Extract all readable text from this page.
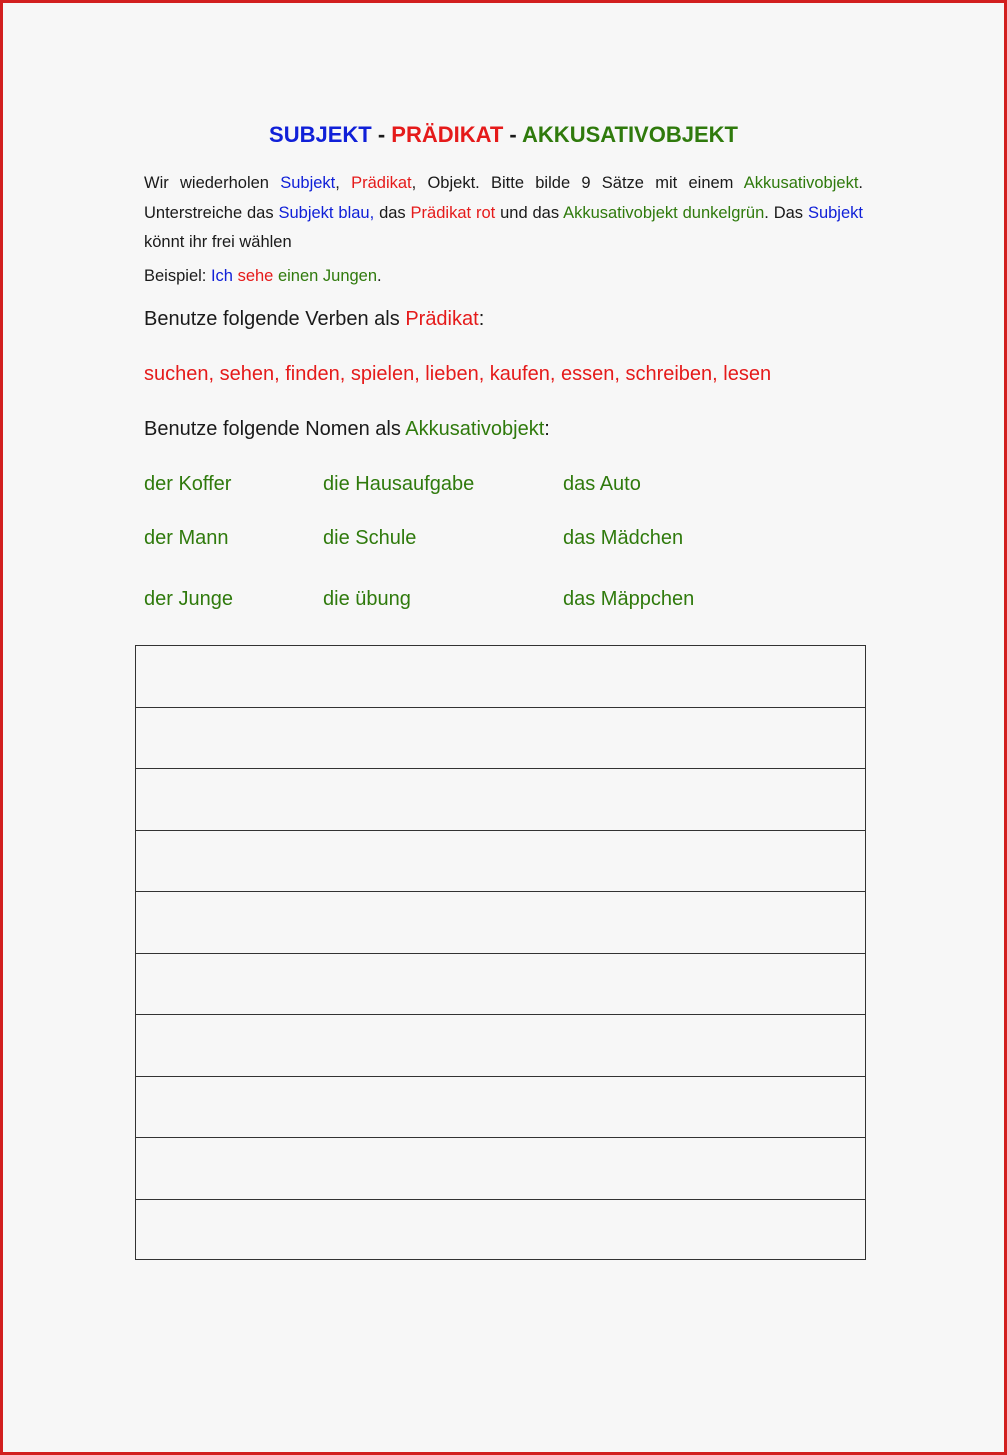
SUBJEKT - PRÄDIKAT - AKKUSATIVOBJEKT

Wir wiederholen Subjekt, Prädikat, Objekt. Bitte bilde 9 Sätze mit einem Akkusativobjekt. Unterstreiche das Subjekt blau, das Prädikat rot und das Akkusativobjekt dunkelgrün. Das Subjekt könnt ihr frei wählen

Beispiel: Ich sehe einen Jungen.
Benutze folgende Verben als Prädikat:
suchen, sehen, finden, spielen, lieben, kaufen, essen, schreiben, lesen
Benutze folgende Nomen als Akkusativobjekt:
der Koffer	die Hausaufgabe	das Auto
der Mann	die Schule	das Mädchen
der Junge	die übung	das Mäppchen
